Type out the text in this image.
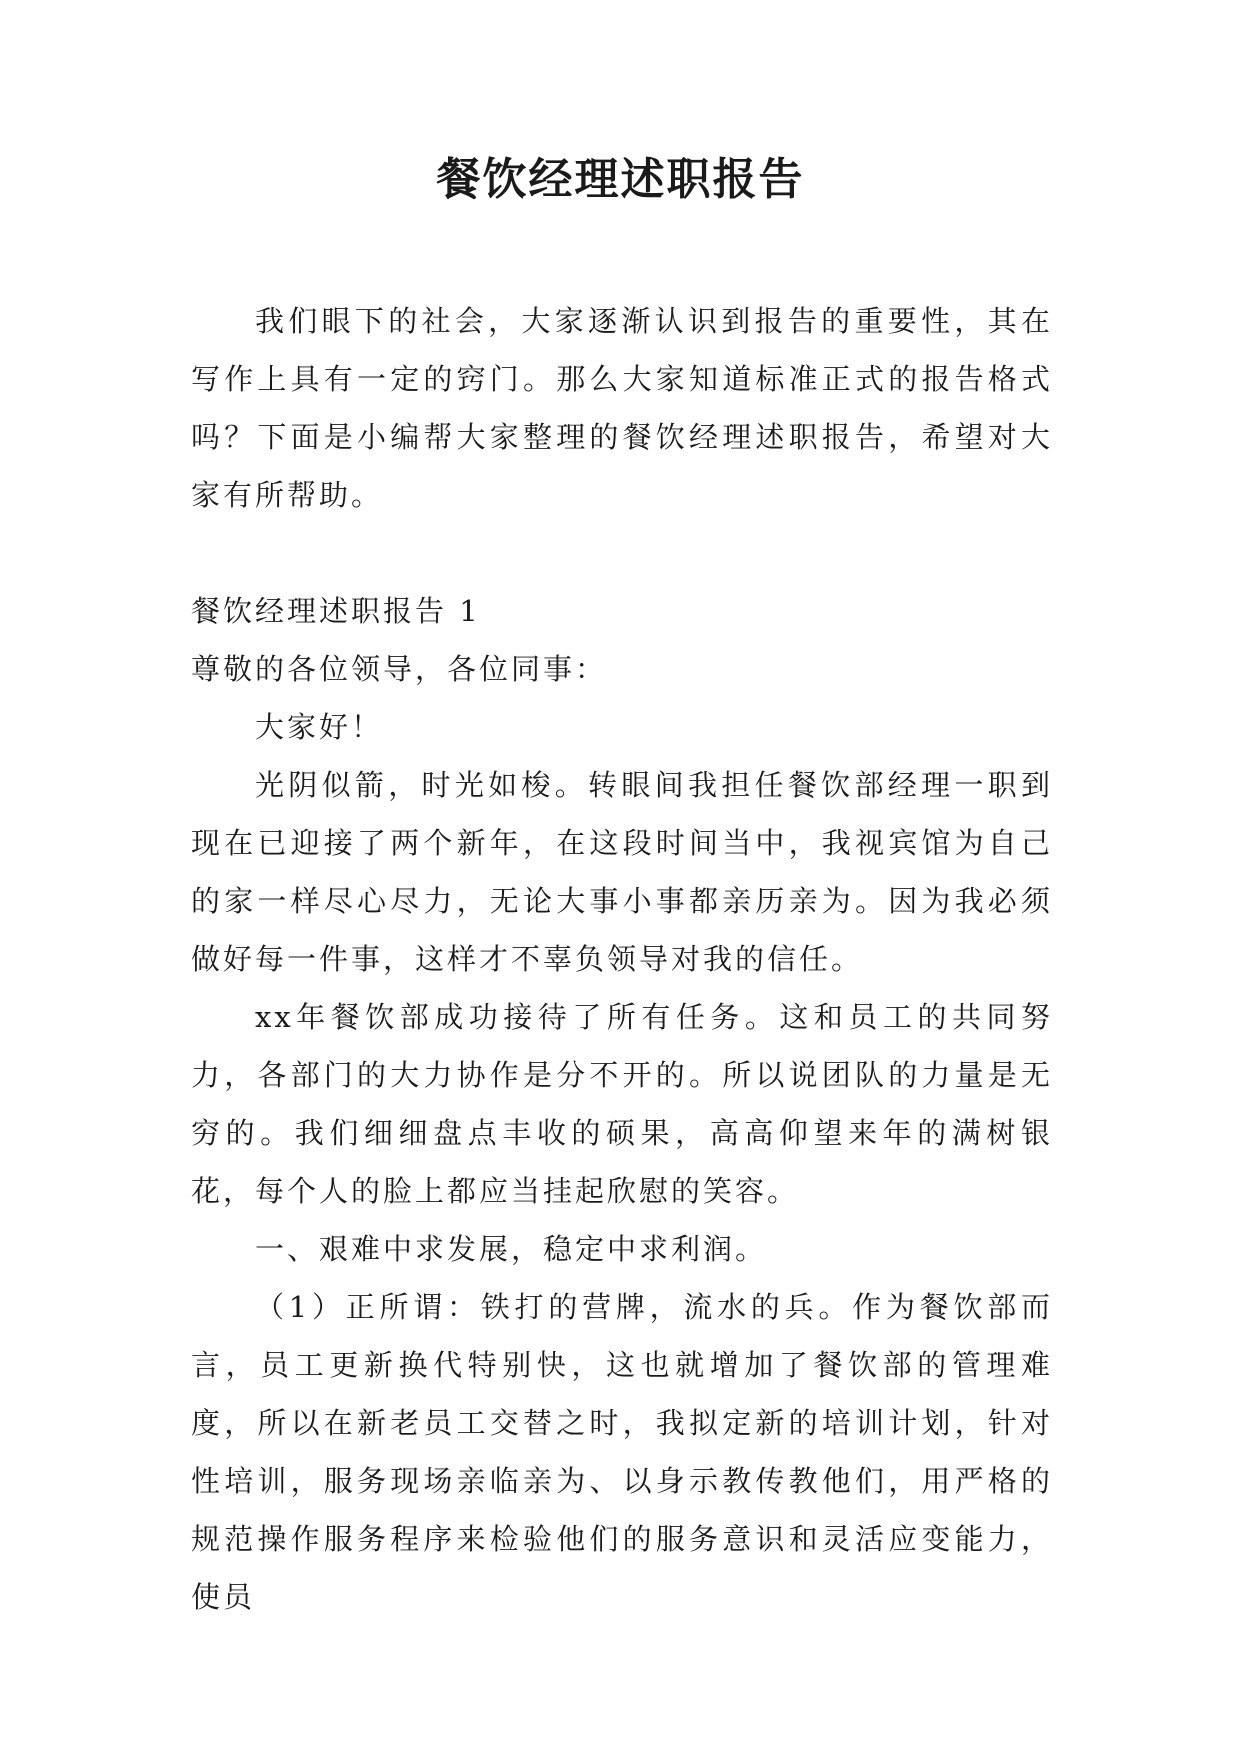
餐饮经理述职报告

我们眼下的社会，大家逐渐认识到报告的重要性，其在写作上具有一定的窍门。那么大家知道标准正式的报告格式吗？下面是小编帮大家整理的餐饮经理述职报告，希望对大家有所帮助。

餐饮经理述职报告 1

尊敬的各位领导，各位同事：

大家好！

光阴似箭，时光如梭。转眼间我担任餐饮部经理一职到现在已迎接了两个新年，在这段时间当中，我视宾馆为自己的家一样尽心尽力，无论大事小事都亲历亲为。因为我必须做好每一件事，这样才不辜负领导对我的信任。

xx年餐饮部成功接待了所有任务。这和员工的共同努力，各部门的大力协作是分不开的。所以说团队的力量是无穷的。我们细细盘点丰收的硕果，高高仰望来年的满树银花，每个人的脸上都应当挂起欣慰的笑容。

一、艰难中求发展，稳定中求利润。

（1）正所谓：铁打的营牌，流水的兵。作为餐饮部而言，员工更新换代特别快，这也就增加了餐饮部的管理难度，所以在新老员工交替之时，我拟定新的培训计划，针对性培训，服务现场亲临亲为、以身示教传教他们，用严格的规范操作服务程序来检验他们的服务意识和灵活应变能力，使员
